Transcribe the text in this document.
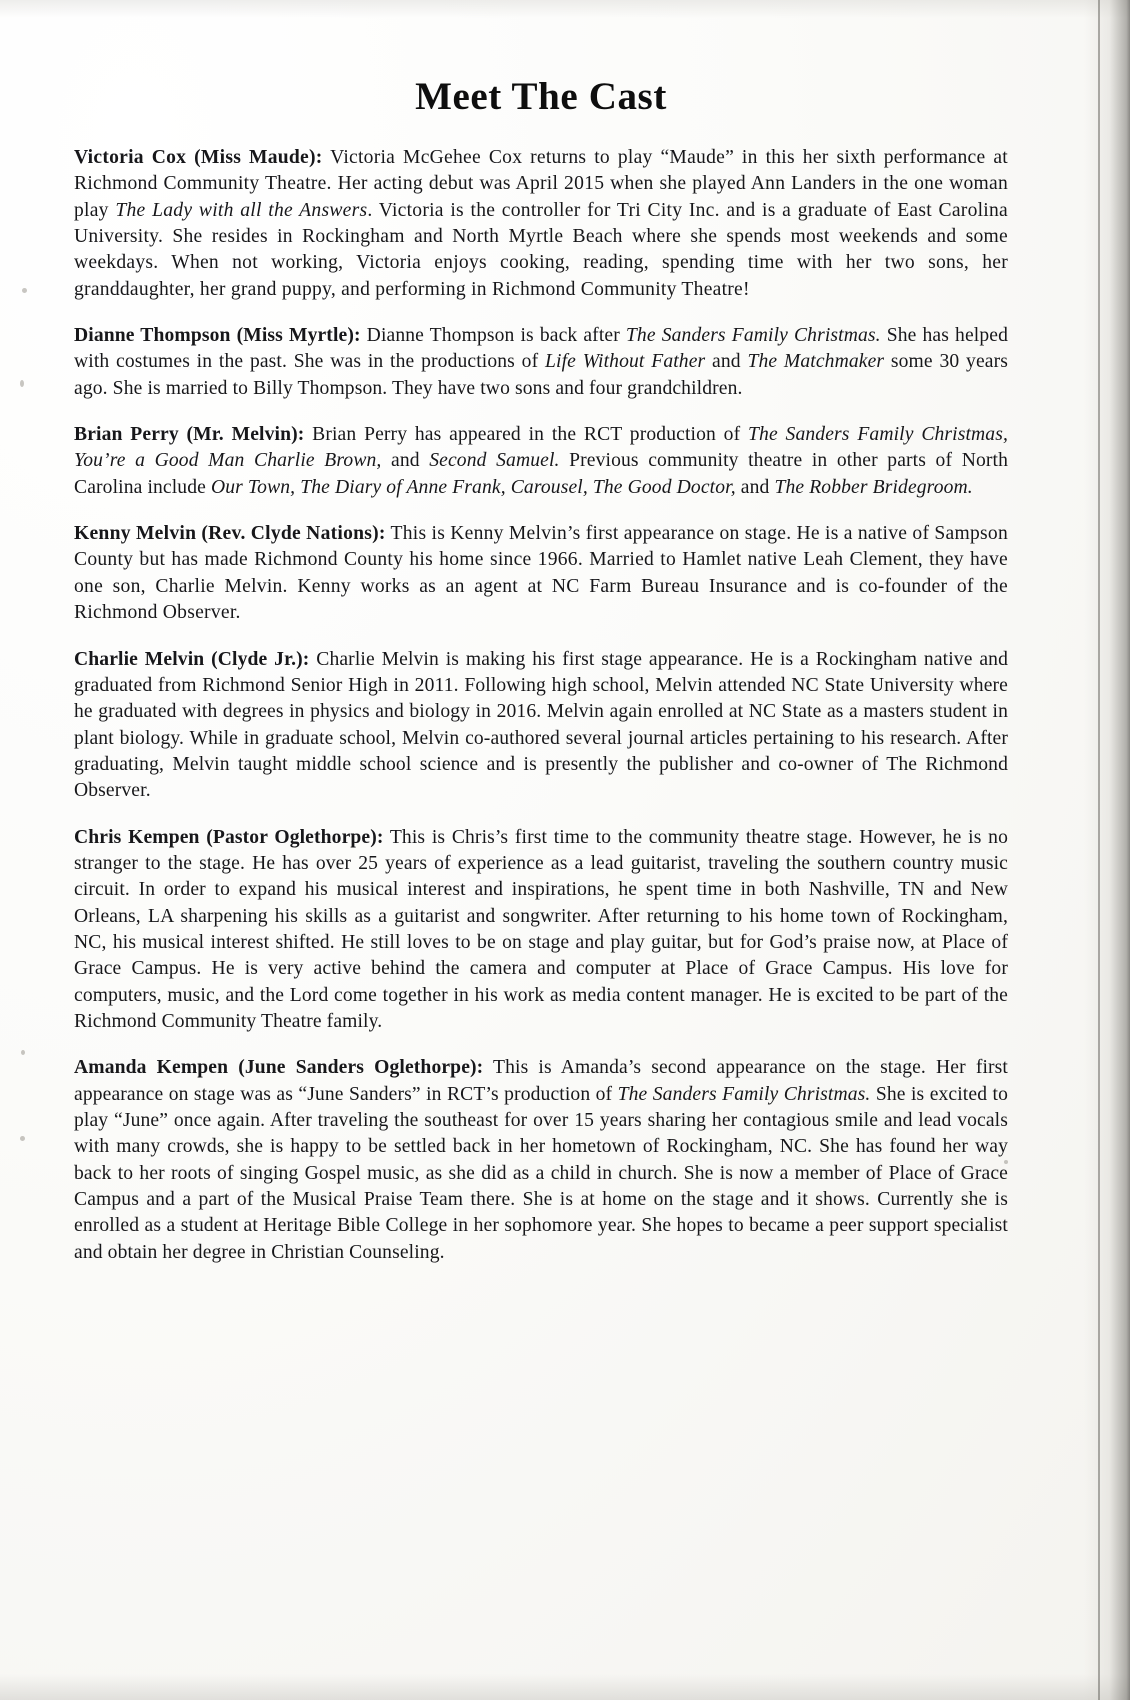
Meet The Cast

Victoria Cox (Miss Maude): Victoria McGehee Cox returns to play “Maude” in this her sixth performance at Richmond Community Theatre. Her acting debut was April 2015 when she played Ann Landers in the one woman play The Lady with all the Answers. Victoria is the controller for Tri City Inc. and is a graduate of East Carolina University. She resides in Rockingham and North Myrtle Beach where she spends most weekends and some weekdays. When not working, Victoria enjoys cooking, reading, spending time with her two sons, her granddaughter, her grand puppy, and performing in Richmond Community Theatre!

Dianne Thompson (Miss Myrtle): Dianne Thompson is back after The Sanders Family Christmas. She has helped with costumes in the past. She was in the productions of Life Without Father and The Matchmaker some 30 years ago. She is married to Billy Thompson. They have two sons and four grandchildren.

Brian Perry (Mr. Melvin): Brian Perry has appeared in the RCT production of The Sanders Family Christmas, You’re a Good Man Charlie Brown, and Second Samuel. Previous community theatre in other parts of North Carolina include Our Town, The Diary of Anne Frank, Carousel, The Good Doctor, and The Robber Bridegroom.

Kenny Melvin (Rev. Clyde Nations): This is Kenny Melvin’s first appearance on stage. He is a native of Sampson County but has made Richmond County his home since 1966. Married to Hamlet native Leah Clement, they have one son, Charlie Melvin. Kenny works as an agent at NC Farm Bureau Insurance and is co-founder of the Richmond Observer.

Charlie Melvin (Clyde Jr.): Charlie Melvin is making his first stage appearance. He is a Rockingham native and graduated from Richmond Senior High in 2011. Following high school, Melvin attended NC State University where he graduated with degrees in physics and biology in 2016. Melvin again enrolled at NC State as a masters student in plant biology. While in graduate school, Melvin co-authored several journal articles pertaining to his research. After graduating, Melvin taught middle school science and is presently the publisher and co-owner of The Richmond Observer.

Chris Kempen (Pastor Oglethorpe): This is Chris’s first time to the community theatre stage. However, he is no stranger to the stage. He has over 25 years of experience as a lead guitarist, traveling the southern country music circuit. In order to expand his musical interest and inspirations, he spent time in both Nashville, TN and New Orleans, LA sharpening his skills as a guitarist and songwriter. After returning to his home town of Rockingham, NC, his musical interest shifted. He still loves to be on stage and play guitar, but for God’s praise now, at Place of Grace Campus. He is very active behind the camera and computer at Place of Grace Campus. His love for computers, music, and the Lord come together in his work as media content manager. He is excited to be part of the Richmond Community Theatre family.

Amanda Kempen (June Sanders Oglethorpe): This is Amanda’s second appearance on the stage. Her first appearance on stage was as “June Sanders” in RCT’s production of The Sanders Family Christmas. She is excited to play “June” once again. After traveling the southeast for over 15 years sharing her contagious smile and lead vocals with many crowds, she is happy to be settled back in her hometown of Rockingham, NC. She has found her way back to her roots of singing Gospel music, as she did as a child in church. She is now a member of Place of Grace Campus and a part of the Musical Praise Team there. She is at home on the stage and it shows. Currently she is enrolled as a student at Heritage Bible College in her sophomore year. She hopes to became a peer support specialist and obtain her degree in Christian Counseling.
